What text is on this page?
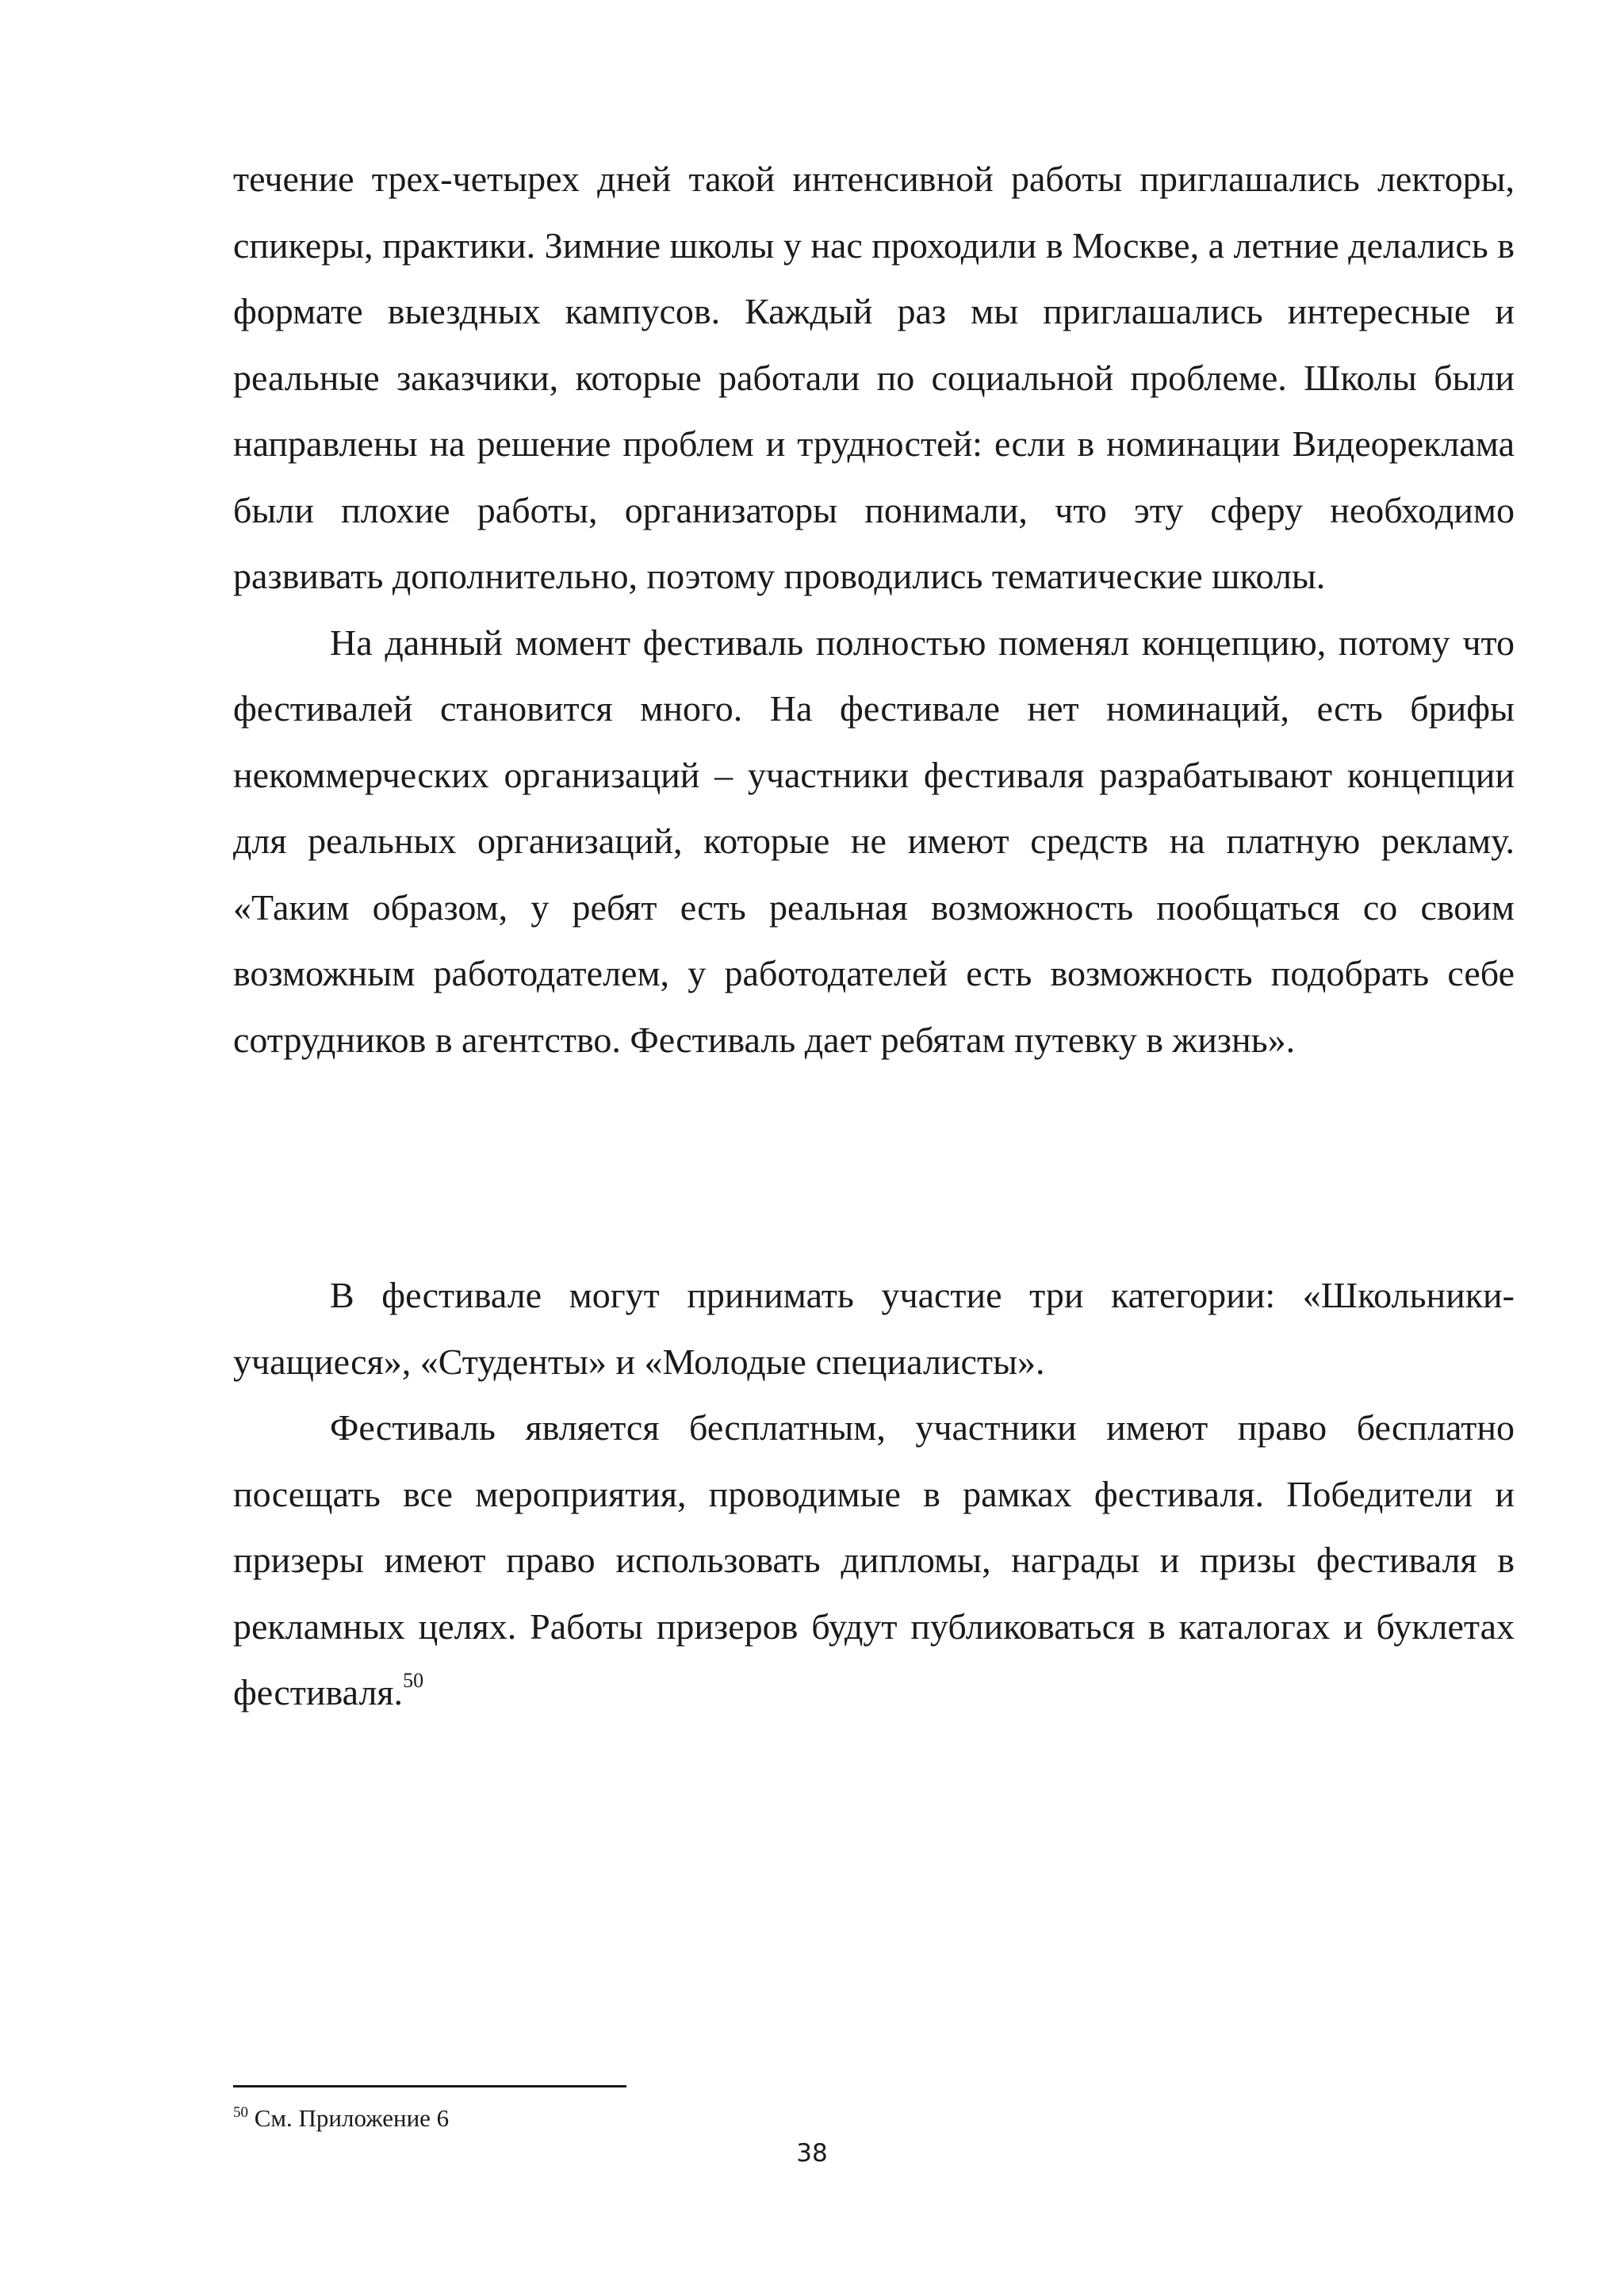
течение трех-четырех дней такой интенсивной работы приглашались лекторы, спикеры, практики. Зимние школы у нас проходили в Москве, а летние делались в формате выездных кампусов. Каждый раз мы приглашались интересные и реальные заказчики, которые работали по социальной проблеме. Школы были направлены на решение проблем и трудностей: если в номинации Видеореклама были плохие работы, организаторы понимали, что эту сферу необходимо развивать дополнительно, поэтому проводились тематические школы.

На данный момент фестиваль полностью поменял концепцию, потому что фестивалей становится много. На фестивале нет номинаций, есть брифы некоммерческих организаций – участники фестиваля разрабатывают концепции для реальных организаций, которые не имеют средств на платную рекламу. «Таким образом, у ребят есть реальная возможность пообщаться со своим возможным работодателем, у работодателей есть возможность подобрать себе сотрудников в агентство. Фестиваль дает ребятам путевку в жизнь».

В фестивале могут принимать участие три категории: «Школьники-учащиеся», «Студенты» и «Молодые специалисты».

Фестиваль является бесплатным, участники имеют право бесплатно посещать все мероприятия, проводимые в рамках фестиваля. Победители и призеры имеют право использовать дипломы, награды и призы фестиваля в рекламных целях. Работы призеров будут публиковаться в каталогах и буклетах фестиваля.$^{50}$

$^{50}$ См. Приложение 6
38
